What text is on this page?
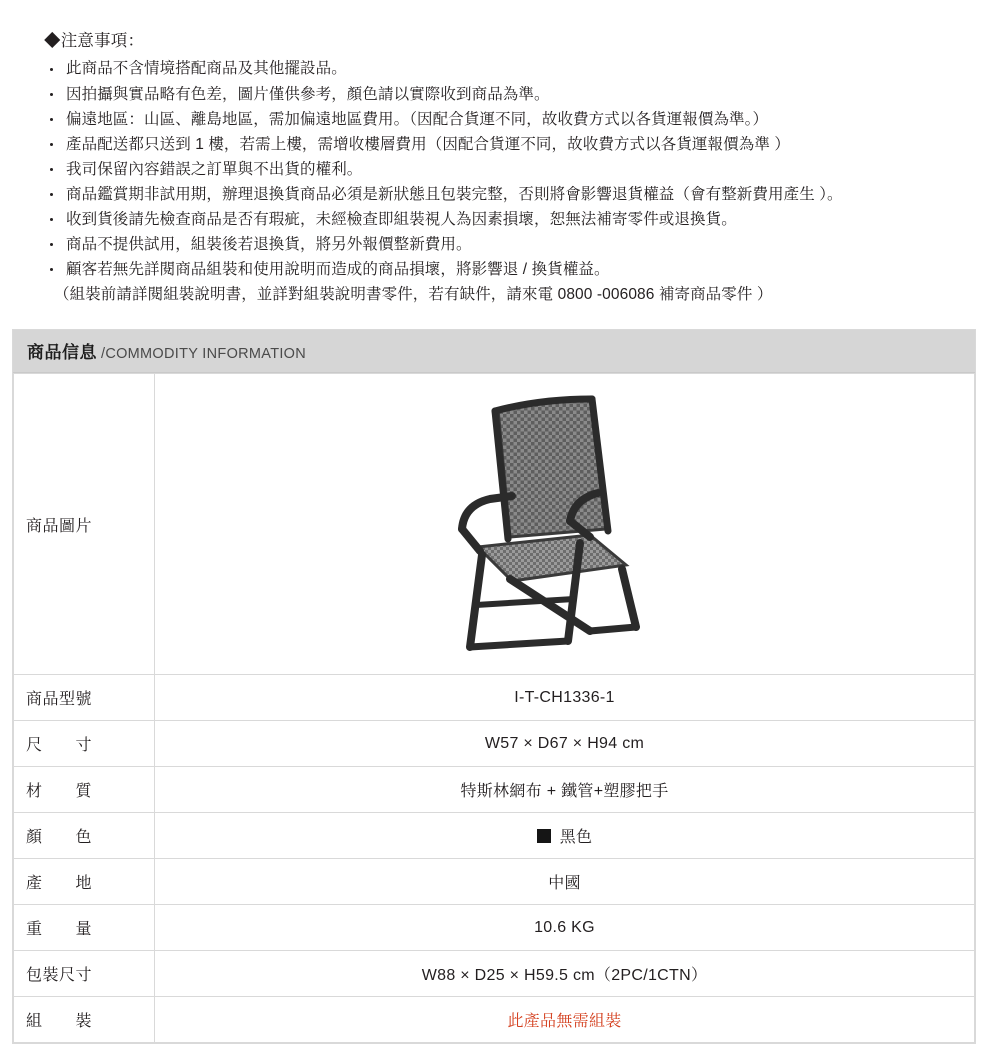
◆注意事項：
此商品不含情境搭配商品及其他擺設品。
因拍攝與實品略有色差，圖片僅供參考，顏色請以實際收到商品為準。
偏遠地區：山區、離島地區，需加偏遠地區費用。（因配合貨運不同，故收費方式以各貨運報價為準。）
產品配送都只送到 1 樓，若需上樓，需增收樓層費用（因配合貨運不同，故收費方式以各貨運報價為準 ）
我司保留內容錯誤之訂單與不出貨的權利。
商品鑑賞期非試用期，辦理退換貨商品必須是新狀態且包裝完整，否則將會影響退貨權益（會有整新費用產生 ）。
收到貨後請先檢查商品是否有瑕疵，未經檢查即組裝視人為因素損壞，恕無法補寄零件或退換貨。
商品不提供試用，組裝後若退換貨，將另外報價整新費用。
顧客若無先詳閱商品組裝和使用說明而造成的商品損壞，將影響退 / 換貨權益。
（組裝前請詳閱組裝說明書，並詳對組裝說明書零件，若有缺件，請來電 0800 -006086 補寄商品零件 ）
商品信息 /COMMODITY INFORMATION
商品圖片	

商品型號	I-T-CH1336-1
尺　　寸	W57 × D67 × H94 cm
材　　質	特斯林網布 + 鐵管+塑膠把手
顏　　色	黑色
產　　地	中國
重　　量	10.6 KG
包裝尺寸	W88 × D25 × H59.5 cm（2PC/1CTN）
組　　裝	此產品無需組裝
